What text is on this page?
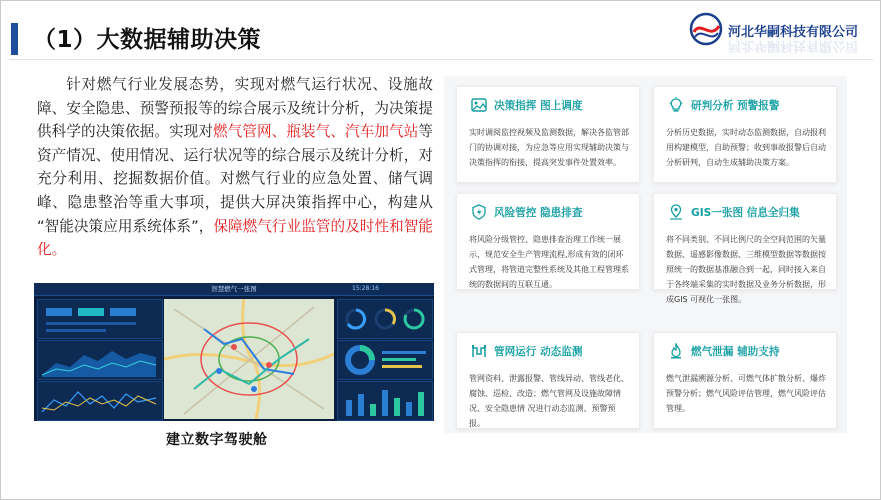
（1）大数据辅助决策	河北华嗣科技有限公司
河北华嗣科技有限公司

针对燃气行业发展态势，实现对燃气运行状况、设施故障、安全隐患、预警预报等的综合展示及统计分析，为决策提供科学的决策依据。实现对燃气管网、瓶装气、汽车加气站等资产情况、使用情况、运行状况等的综合展示及统计分析，对充分利用、挖掘数据价值。对燃气行业的应急处置、储气调峰、隐患整治等重大事项，提供大屏决策指挥中心，构建从 “智能决策应用系统体系”，保障燃气行业监管的及时性和智能化。

智慧燃气一张图	15:28:16
建立数字驾驶舱
决策指挥 图上调度

实时调阅监控视频及监测数据，解决各监管部门的协调对接，为应急等应用实现辅助决策与决策指挥的衔接，提高突发事件处置效率。

研判分析 预警报警

分析历史数据，实时动态监测数据，自动报利用构建模型，自助预警；收到事故报警后自动分析研判，自动生成辅助决策方案。

风险管控 隐患排查

将风险分级管控、隐患排查治理工作统一展示，规范安全生产管理流程,形成有效的闭环式管理，将管道完整性系统及其他工程管理系统的数据间的互联互通。

GIS一张图 信息全归集

将不同类别、不同比例尺的全空间范围的矢量数据、遥感影像数据、三维模型数据等数据按照统一的数据基准融合到一起，同时接入来自于各终端采集的实时数据及业务分析数据，形成GIS 可视化一张图。

管网运行 动态监测

管网资料、泄露报警、管线异动、管线老化、腐蚀、巡检、改造；燃气管网及设施故障情况、安全隐患情 况进行动态监测、预警预报。

燃气泄漏 辅助支持

燃气泄漏溯源分析、可燃气体扩散分析、爆炸预警分析；燃气风险评估管理，燃气风险评估管理。
